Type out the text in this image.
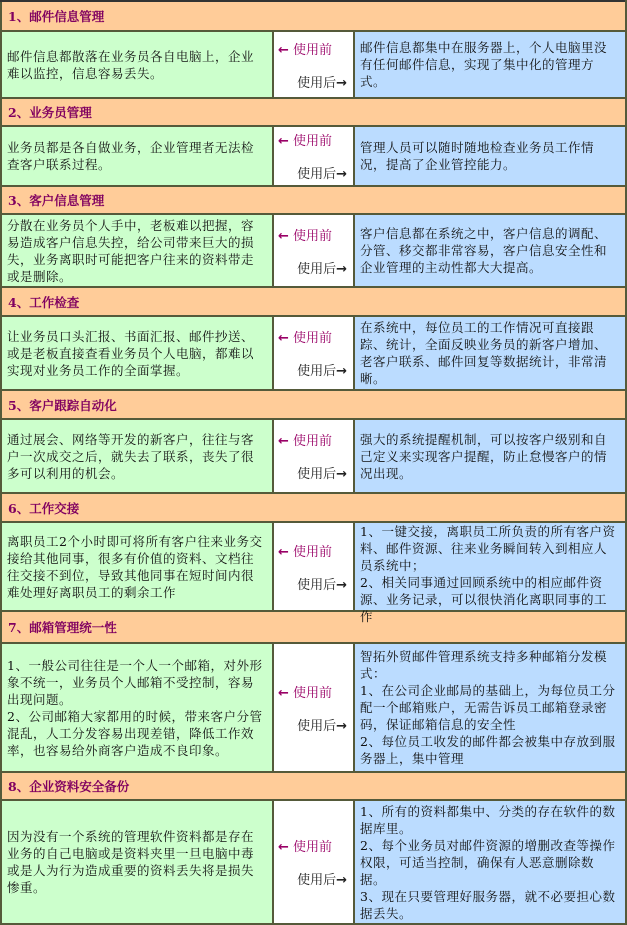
1、邮件信息管理		

邮件信息都散落在业务员各自电脑上，企业
难以监控，信息容易丢失。

← 使用前
使用后→

邮件信息都集中在服务器上，个人电脑里没
有任何邮件信息，实现了集中化的管理方
式。

2、业务员管理		

业务员都是各自做业务，企业管理者无法检
查客户联系过程。

← 使用前
使用后→

管理人员可以随时随地检查业务员工作情
况，提高了企业管控能力。

3、客户信息管理		

分散在业务员个人手中，老板难以把握，容
易造成客户信息失控，给公司带来巨大的损
失，业务离职时可能把客户往来的资料带走
或是删除。

← 使用前
使用后→

客户信息都在系统之中，客户信息的调配、
分管、移交都非常容易，客户信息安全性和
企业管理的主动性都大大提高。

4、工作检查		

让业务员口头汇报、书面汇报、邮件抄送、
或是老板直接查看业务员个人电脑，都难以
实现对业务员工作的全面掌握。

← 使用前
使用后→

在系统中，每位员工的工作情况可直接跟
踪、统计，全面反映业务员的新客户增加、
老客户联系、邮件回复等数据统计，非常清
晰。

5、客户跟踪自动化		

通过展会、网络等开发的新客户，往往与客
户一次成交之后，就失去了联系，丧失了很
多可以利用的机会。

← 使用前
使用后→

强大的系统提醒机制，可以按客户级别和自
己定义来实现客户提醒，防止怠慢客户的情
况出现。

6、工作交接		

离职员工2个小时即可将所有客户往来业务交
接给其他同事，很多有价值的资料、文档往
往交接不到位，导致其他同事在短时间内很
难处理好离职员工的剩余工作

← 使用前
使用后→

1、一键交接，离职员工所负责的所有客户资
料、邮件资源、往来业务瞬间转入到相应人
员系统中；
2、相关同事通过回顾系统中的相应邮件资
源、业务记录，可以很快消化离职同事的工
作

7、邮箱管理统一性		

1、一般公司往往是一个人一个邮箱，对外形
象不统一，业务员个人邮箱不受控制，容易
出现问题。
2、公司邮箱大家都用的时候，带来客户分管
混乱，人工分发容易出现差错，降低工作效
率，也容易给外商客户造成不良印象。

← 使用前
使用后→

智拓外贸邮件管理系统支持多种邮箱分发模
式：
1、在公司企业邮局的基础上，为每位员工分
配一个邮箱账户，无需告诉员工邮箱登录密
码，保证邮箱信息的安全性
2、每位员工收发的邮件都会被集中存放到服
务器上，集中管理

8、企业资料安全备份		

因为没有一个系统的管理软件资料都是存在
业务的自己电脑或是资料夹里一旦电脑中毒
或是人为行为造成重要的资料丢失将是损失
惨重。

← 使用前
使用后→

1、所有的资料都集中、分类的存在软件的数
据库里。
2、每个业务员对邮件资源的增删改查等操作
权限，可适当控制，确保有人恶意删除数
据。
3、现在只要管理好服务器，就不必要担心数
据丢失。
